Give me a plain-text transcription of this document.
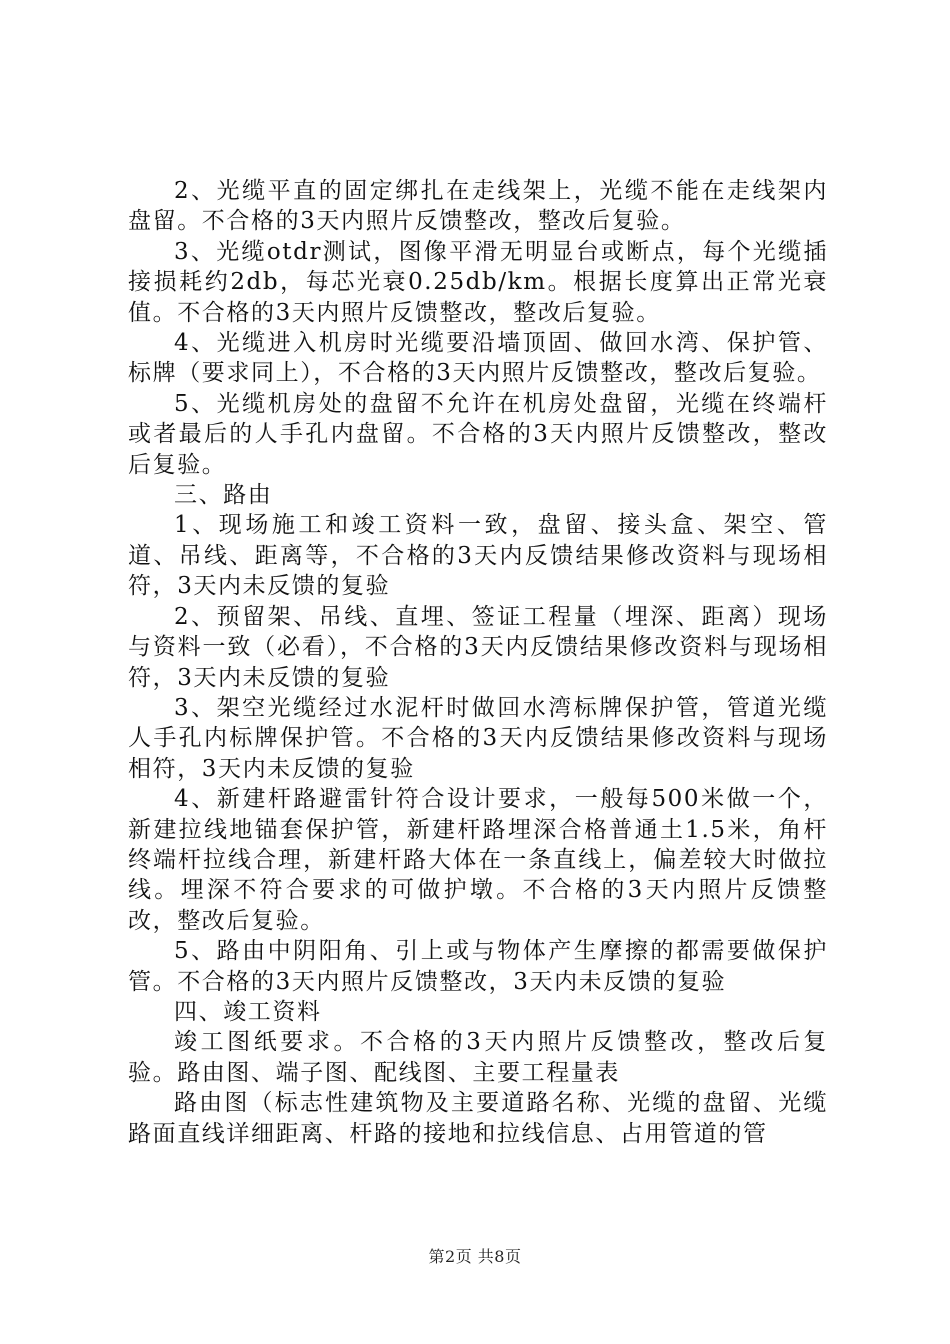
2、光缆平直的固定绑扎在走线架上，光缆不能在走线架内盘留。不合格的3天内照片反馈整改，整改后复验。

3、光缆otdr测试，图像平滑无明显台或断点，每个光缆插接损耗约2db，每芯光衰0.25db/km。根据长度算出正常光衰值。不合格的3天内照片反馈整改，整改后复验。

4、光缆进入机房时光缆要沿墙顶固、做回水湾、保护管、标牌（要求同上），不合格的3天内照片反馈整改，整改后复验。

5、光缆机房处的盘留不允许在机房处盘留，光缆在终端杆或者最后的人手孔内盘留。不合格的3天内照片反馈整改，整改后复验。

三、路由

1、现场施工和竣工资料一致，盘留、接头盒、架空、管道、吊线、距离等，不合格的3天内反馈结果修改资料与现场相符，3天内未反馈的复验

2、预留架、吊线、直埋、签证工程量（埋深、距离）现场与资料一致（必看），不合格的3天内反馈结果修改资料与现场相符，3天内未反馈的复验

3、架空光缆经过水泥杆时做回水湾标牌保护管，管道光缆人手孔内标牌保护管。不合格的3天内反馈结果修改资料与现场相符，3天内未反馈的复验

4、新建杆路避雷针符合设计要求，一般每500米做一个，新建拉线地锚套保护管，新建杆路埋深合格普通土1.5米，角杆终端杆拉线合理，新建杆路大体在一条直线上，偏差较大时做拉线。埋深不符合要求的可做护墩。不合格的3天内照片反馈整改，整改后复验。

5、路由中阴阳角、引上或与物体产生摩擦的都需要做保护管。不合格的3天内照片反馈整改，3天内未反馈的复验

四、竣工资料

竣工图纸要求。不合格的3天内照片反馈整改，整改后复验。路由图、端子图、配线图、主要工程量表

路由图（标志性建筑物及主要道路名称、光缆的盘留、光缆路面直线详细距离、杆路的接地和拉线信息、占用管道的管

第2页 共8页
